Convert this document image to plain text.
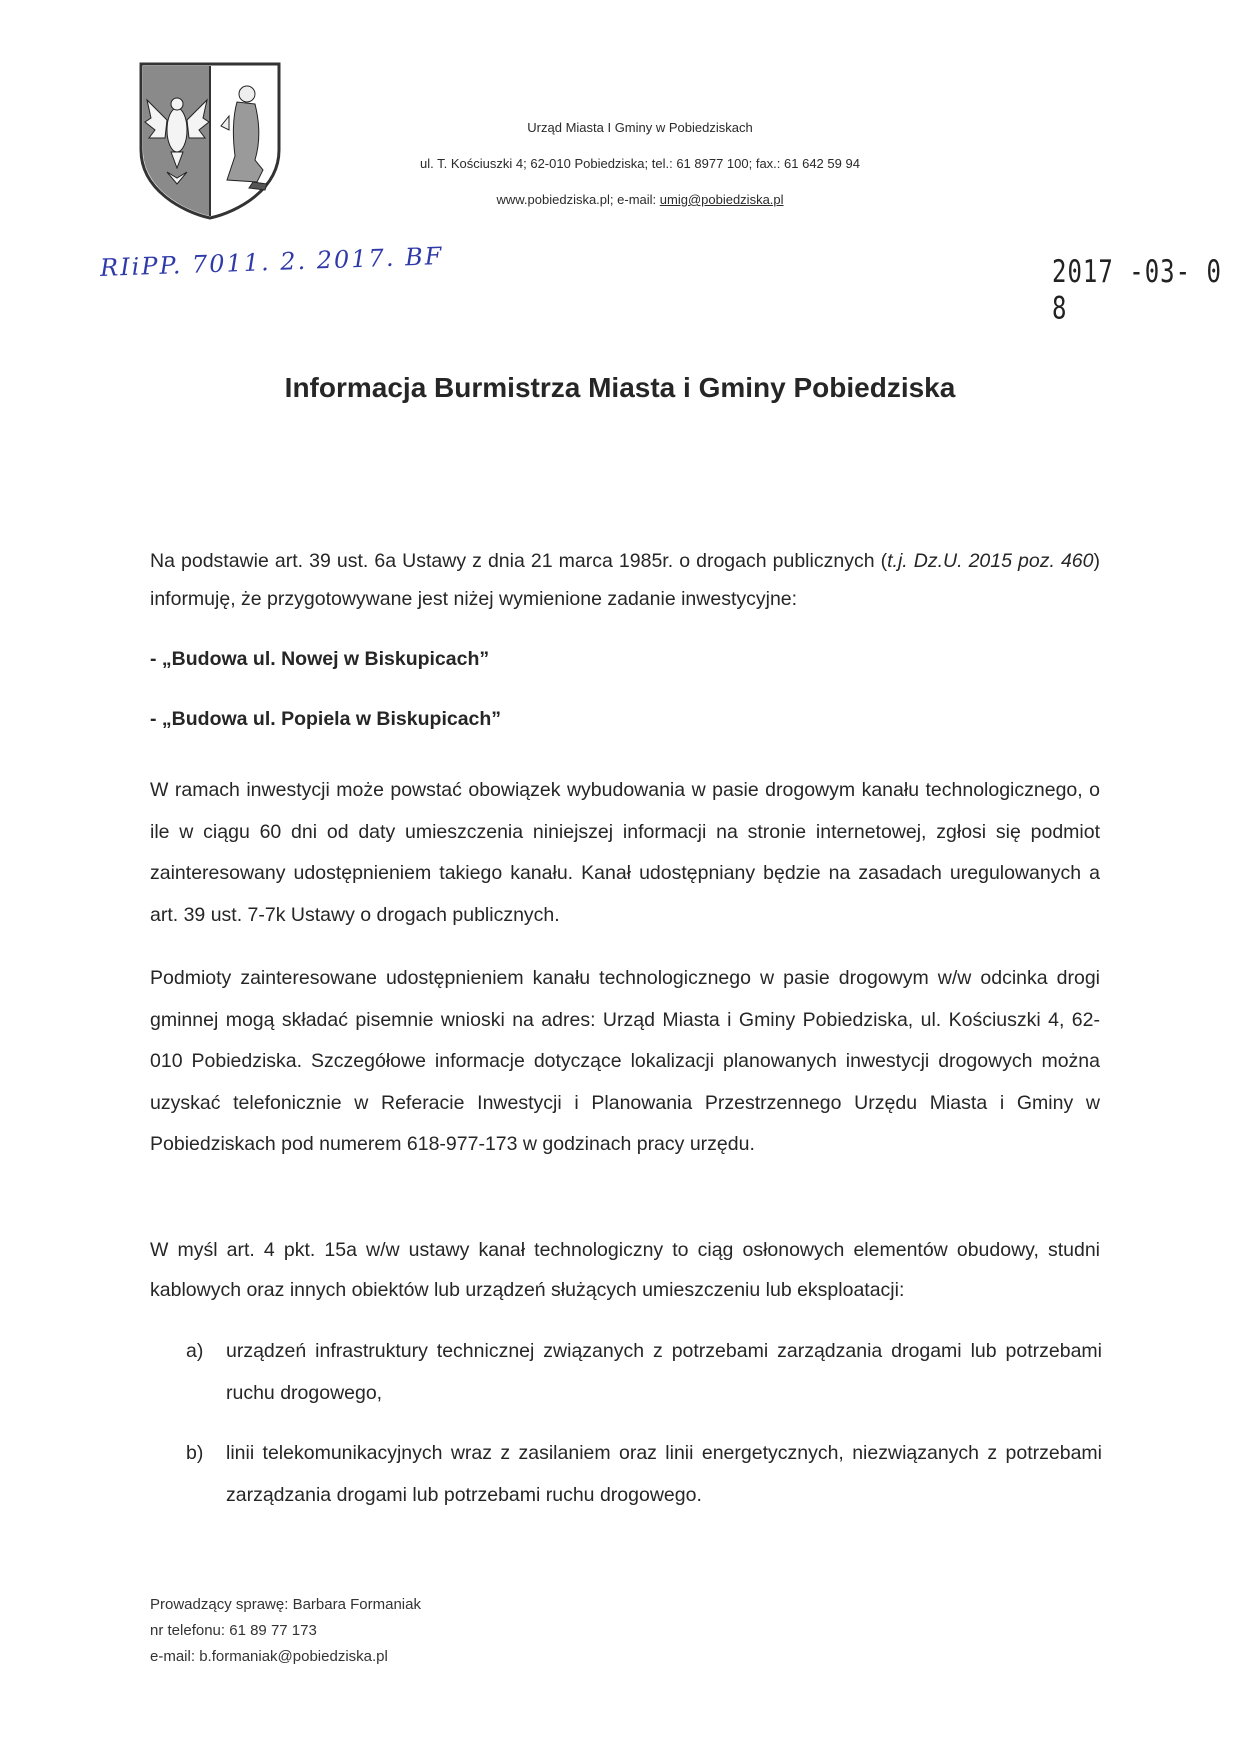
Urząd Miasta I Gminy w Pobiedziskach

ul. T. Kościuszki 4; 62-010 Pobiedziska; tel.: 61 8977 100; fax.: 61 642 59 94

www.pobiedziska.pl; e-mail: umig@pobiedziska.pl

RIiPP. 7011. 2. 2017. BF	2017 -03- 0 8
Informacja Burmistrza Miasta i Gminy Pobiedziska

Na podstawie art. 39 ust. 6a Ustawy z dnia 21 marca 1985r. o drogach publicznych (t.j. Dz.U. 2015 poz. 460) informuję, że przygotowywane jest niżej wymienione zadanie inwestycyjne:

- „Budowa ul. Nowej w Biskupicach”
- „Budowa ul. Popiela w Biskupicach”

W ramach inwestycji może powstać obowiązek wybudowania w pasie drogowym kanału technologicznego, o ile w ciągu 60 dni od daty umieszczenia niniejszej informacji na stronie internetowej, zgłosi się podmiot zainteresowany udostępnieniem takiego kanału. Kanał udostępniany będzie na zasadach uregulowanych a art. 39 ust. 7-7k Ustawy o drogach publicznych.

Podmioty zainteresowane udostępnieniem kanału technologicznego w pasie drogowym w/w odcinka drogi gminnej mogą składać pisemnie wnioski na adres: Urząd Miasta i Gminy Pobiedziska, ul. Kościuszki 4, 62-010 Pobiedziska. Szczegółowe informacje dotyczące lokalizacji planowanych inwestycji drogowych można uzyskać telefonicznie w Referacie Inwestycji i Planowania Przestrzennego Urzędu Miasta i Gminy w Pobiedziskach pod numerem 618-977-173 w godzinach pracy urzędu.

W myśl art. 4 pkt. 15a w/w ustawy kanał technologiczny to ciąg osłonowych elementów obudowy, studni kablowych oraz innych obiektów lub urządzeń służących umieszczeniu lub eksploatacji:

a)	urządzeń infrastruktury technicznej związanych z potrzebami zarządzania drogami lub potrzebami ruchu drogowego,

b)	linii telekomunikacyjnych wraz z zasilaniem oraz linii energetycznych, niezwiązanych z potrzebami zarządzania drogami lub potrzebami ruchu drogowego.

Prowadzący sprawę: Barbara Formaniak

nr telefonu: 61 89 77 173

e-mail: b.formaniak@pobiedziska.pl
